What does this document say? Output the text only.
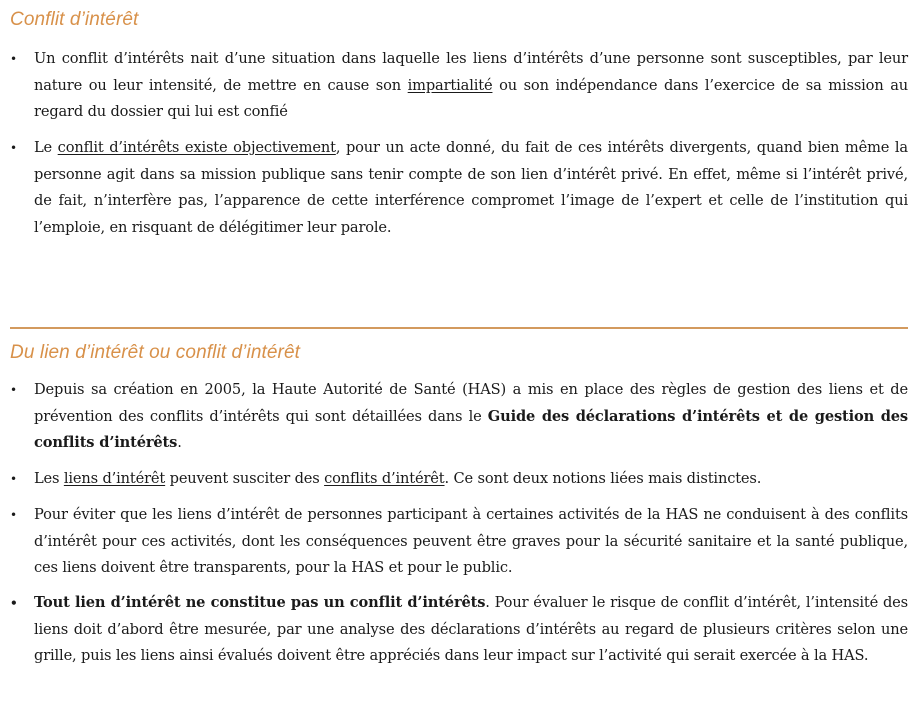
Conflit d’intérêt
•	Un conflit d’intérêts nait d’une situation dans laquelle les liens d’intérêts d’une personne sont susceptibles, par leur nature ou leur intensité, de mettre en cause son impartialité ou son indépendance dans l’exercice de sa mission au regard du dossier qui lui est confié
•	Le conflit d’intérêts existe objectivement, pour un acte donné, du fait de ces intérêts divergents, quand bien même la personne agit dans sa mission publique sans tenir compte de son lien d’intérêt privé. En effet, même si l’intérêt privé, de fait, n’interfère pas, l’apparence de cette interférence compromet l’image de l’expert et celle de l’institution qui l’emploie, en risquant de délégitimer leur parole.
Du lien d’intérêt ou conflit d’intérêt
•	Depuis sa création en 2005, la Haute Autorité de Santé (HAS) a mis en place des règles de gestion des liens et de prévention des conflits d’intérêts qui sont détaillées dans le Guide des déclarations d’intérêts et de gestion des conflits d’intérêts.
•	Les liens d’intérêt peuvent susciter des conflits d’intérêt. Ce sont deux notions liées mais distinctes.
•	Pour éviter que les liens d’intérêt de personnes participant à certaines activités de la HAS ne conduisent à des conflits d’intérêt pour ces activités, dont les conséquences peuvent être graves pour la sécurité sanitaire et la santé publique, ces liens doivent être transparents, pour la HAS et pour le public.
•	Tout lien d’intérêt ne constitue pas un conflit d’intérêts. Pour évaluer le risque de conflit d’intérêt, l’intensité des liens doit d’abord être mesurée, par une analyse des déclarations d’intérêts au regard de plusieurs critères selon une grille, puis les liens ainsi évalués doivent être appréciés dans leur impact sur l’activité qui serait exercée à la HAS.
